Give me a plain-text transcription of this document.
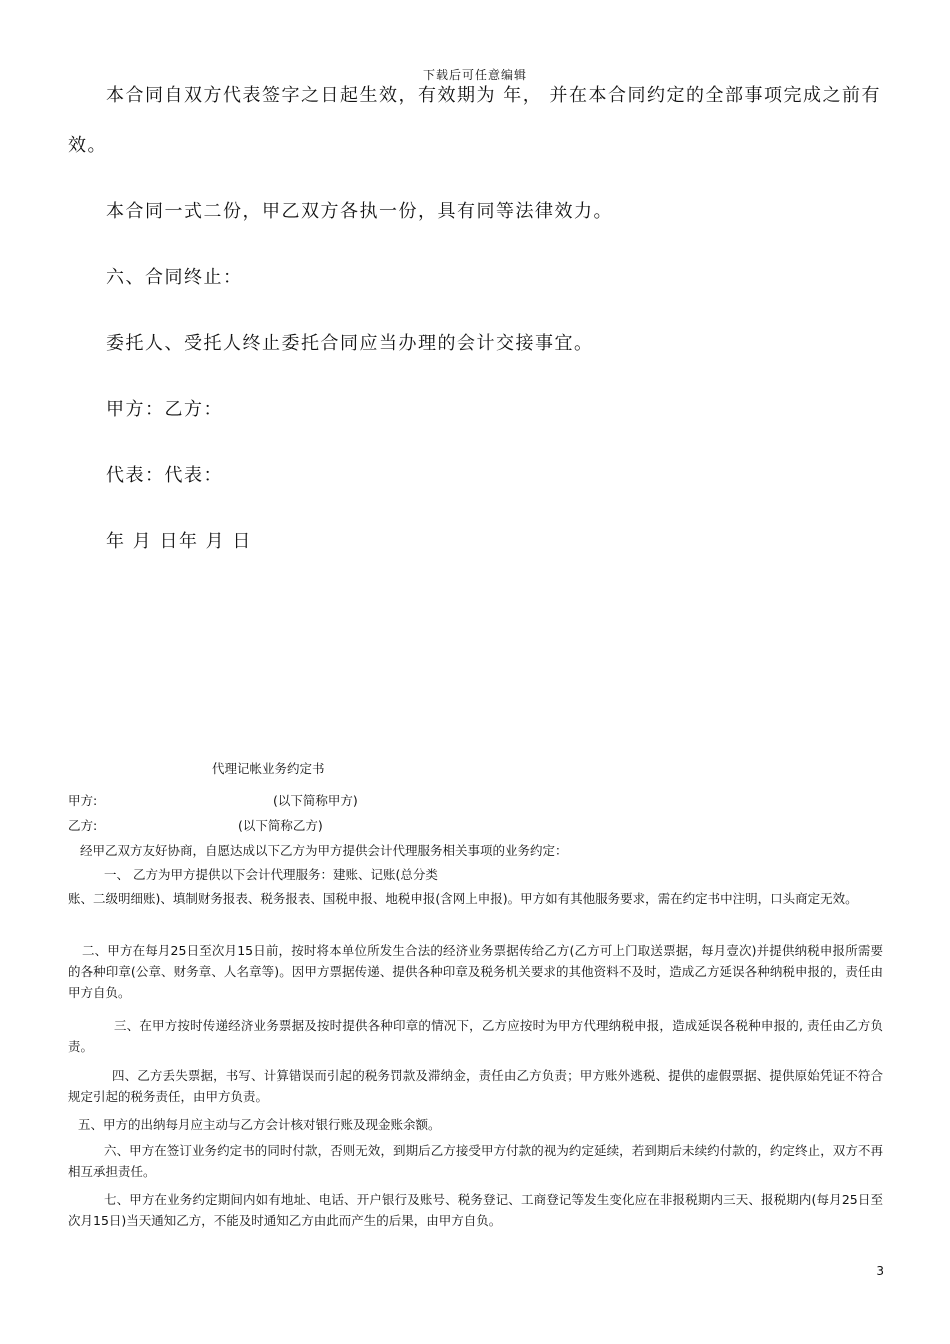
下载后可任意编辑
本合同自双方代表签字之日起生效，有效期为 年， 并在本合同约定的全部事项完成之前有
效。
本合同一式二份，甲乙双方各执一份，具有同等法律效力。
六、合同终止：
委托人、受托人终止委托合同应当办理的会计交接事宜。
甲方：乙方：
代表：代表：
年 月 日年 月 日
代理记帐业务约定书
甲方:	(以下简称甲方)
乙方:	(以下简称乙方)
经甲乙双方友好协商，自愿达成以下乙方为甲方提供会计代理服务相关事项的业务约定：
一、 乙方为甲方提供以下会计代理服务：建账、记账(总分类
账、二级明细账)、填制财务报表、税务报表、国税申报、地税申报(含网上申报)。甲方如有其他服务要求，需在约定书中注明，口头商定无效。
二、甲方在每月25日至次月15日前，按时将本单位所发生合法的经济业务票据传给乙方(乙方可上门取送票据，每月壹次)并提供纳税申报所需要的各种印章(公章、财务章、人名章等)。因甲方票据传递、提供各种印章及税务机关要求的其他资料不及时，造成乙方延误各种纳税申报的，责任由甲方自负。
三、在甲方按时传递经济业务票据及按时提供各种印章的情况下，乙方应按时为甲方代理纳税申报，造成延误各税种申报的, 责任由乙方负责。
四、乙方丢失票据，书写、计算错误而引起的税务罚款及滞纳金，责任由乙方负责；甲方账外逃税、提供的虚假票据、提供原始凭证不符合规定引起的税务责任，由甲方负责。
五、甲方的出纳每月应主动与乙方会计核对银行账及现金账余额。
六、甲方在签订业务约定书的同时付款，否则无效，到期后乙方接受甲方付款的视为约定延续，若到期后未续约付款的，约定终止，双方不再相互承担责任。
七、甲方在业务约定期间内如有地址、电话、开户银行及账号、税务登记、工商登记等发生变化应在非报税期内三天、报税期内(每月25日至次月15日)当天通知乙方，不能及时通知乙方由此而产生的后果，由甲方自负。
3
